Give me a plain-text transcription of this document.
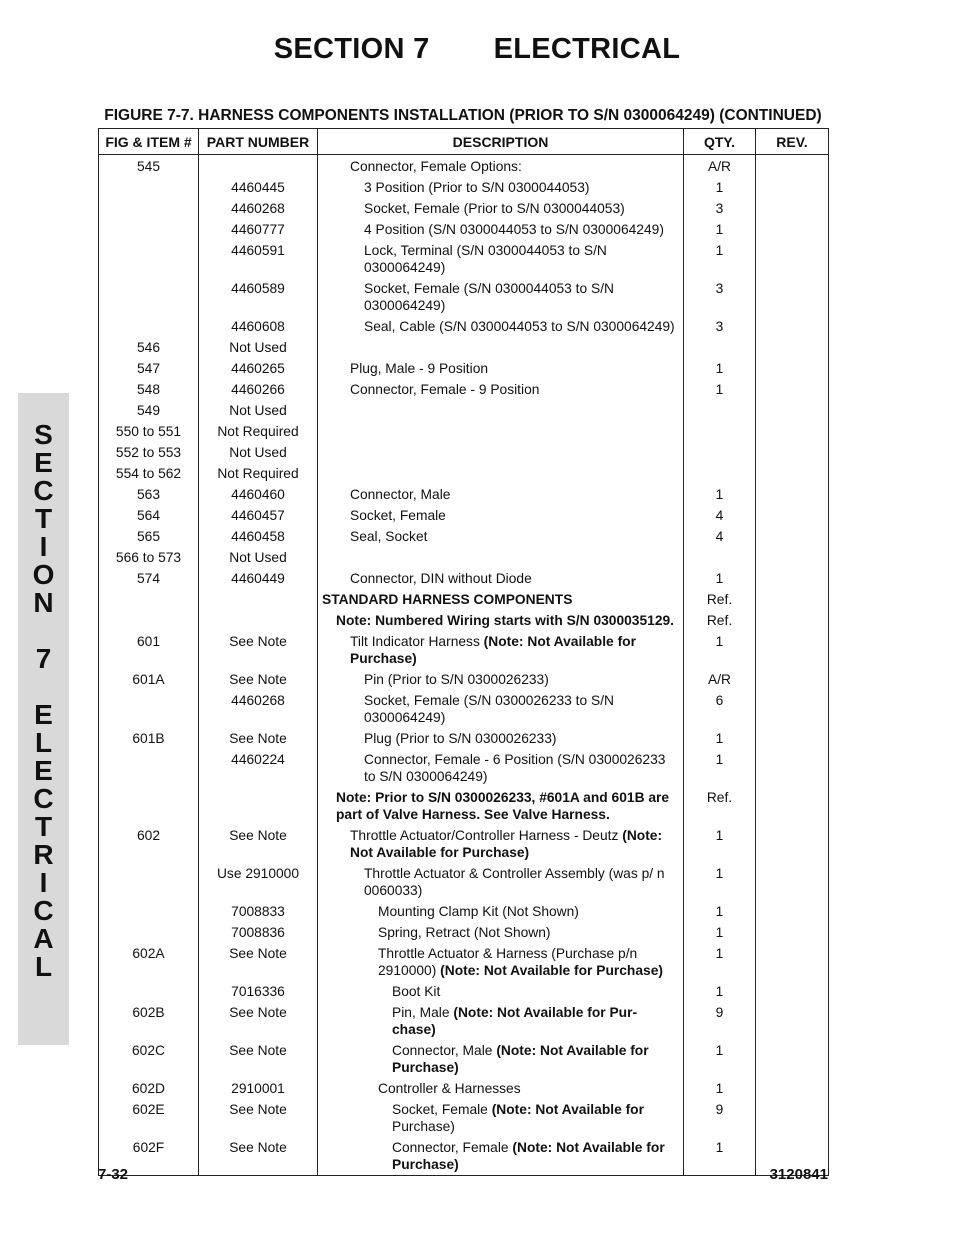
SECTION 7 ELECTRICAL
FIGURE 7-7. HARNESS COMPONENTS INSTALLATION (PRIOR TO S/N 0300064249) (CONTINUED)
S
E
C
T
I
O
N
7
E
L
E
C
T
R
I
C
A
L
FIG & ITEM #	PART NUMBER	DESCRIPTION	QTY.	REV.
545		Connector, Female Options:	A/R	
	4460445	3 Position (Prior to S/N 0300044053)	1	
	4460268	Socket, Female (Prior to S/N 0300044053)	3	
	4460777	4 Position (S/N 0300044053 to S/N 0300064249)	1	
	4460591	Lock, Terminal (S/N 0300044053 to S/N 0300064249)	1	
	4460589	Socket, Female (S/N 0300044053 to S/N 0300064249)	3	
	4460608	Seal, Cable (S/N 0300044053 to S/N 0300064249)	3	
546	Not Used			
547	4460265	Plug, Male - 9 Position	1	
548	4460266	Connector, Female - 9 Position	1	
549	Not Used			
550 to 551	Not Required			
552 to 553	Not Used			
554 to 562	Not Required			
563	4460460	Connector, Male	1	
564	4460457	Socket, Female	4	
565	4460458	Seal, Socket	4	
566 to 573	Not Used			
574	4460449	Connector, DIN without Diode	1	
		STANDARD HARNESS COMPONENTS	Ref.	
		Note: Numbered Wiring starts with S/N 0300035129.	Ref.	
601	See Note	Tilt Indicator Harness (Note: Not Available for Purchase)	1	
601A	See Note	Pin (Prior to S/N 0300026233)	A/R	
	4460268	Socket, Female (S/N 0300026233 to S/N 0300064249)	6	
601B	See Note	Plug (Prior to S/N 0300026233)	1	
	4460224	Connector, Female - 6 Position (S/N 0300026233 to S/N 0300064249)	1	
		Note: Prior to S/N 0300026233, #601A and 601B are part of Valve Harness. See Valve Harness.	Ref.	
602	See Note	Throttle Actuator/Controller Harness - Deutz (Note: Not Available for Purchase)	1	
	Use 2910000	Throttle Actuator & Controller Assembly (was p/ n 0060033)	1	
	7008833	Mounting Clamp Kit (Not Shown)	1	
	7008836	Spring, Retract (Not Shown)	1	
602A	See Note	Throttle Actuator & Harness (Purchase p/n 2910000) (Note: Not Available for Purchase)	1	
	7016336	Boot Kit	1	
602B	See Note	Pin, Male (Note: Not Available for Pur-chase)	9	
602C	See Note	Connector, Male (Note: Not Available for Purchase)	1	
602D	2910001	Controller & Harnesses	1	
602E	See Note	Socket, Female (Note: Not Available for Purchase)	9	
602F	See Note	Connector, Female (Note: Not Available for Purchase)	1	
7-32	3120841
